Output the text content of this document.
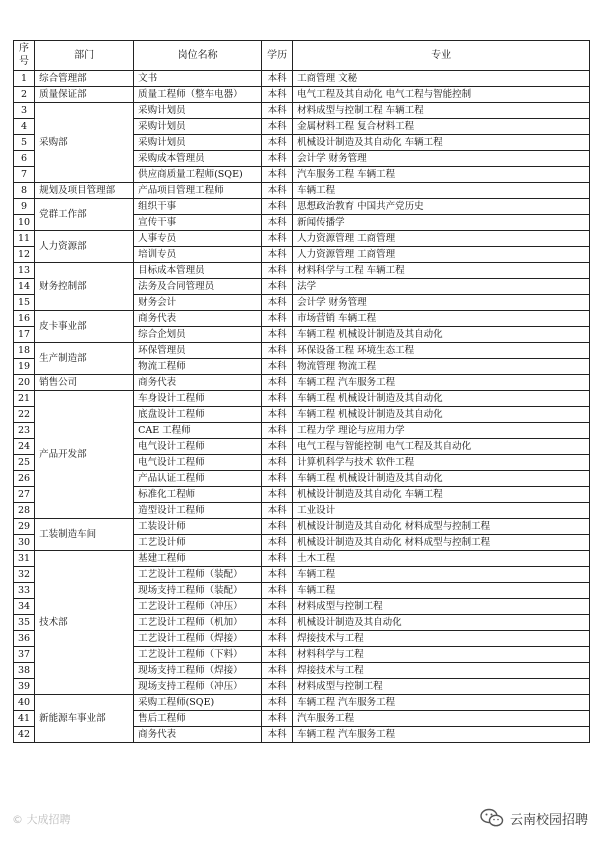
序
号	部门	岗位名称	学历	专业
1	综合管理部	文书	本科	工商管理 文秘
2	质量保证部	质量工程师（整车电器）	本科	电气工程及其自动化 电气工程与智能控制
3	采购部	采购计划员	本科	材料成型与控制工程 车辆工程
4		采购计划员	本科	金属材料工程 复合材料工程
5		采购计划员	本科	机械设计制造及其自动化 车辆工程
6		采购成本管理员	本科	会计学 财务管理
7		供应商质量工程师(SQE)	本科	汽车服务工程 车辆工程
8	规划及项目管理部	产品项目管理工程师	本科	车辆工程
9	党群工作部	组织干事	本科	思想政治教育 中国共产党历史
10		宣传干事	本科	新闻传播学
11	人力资源部	人事专员	本科	人力资源管理 工商管理
12		培训专员	本科	人力资源管理 工商管理
13	财务控制部	目标成本管理员	本科	材料科学与工程 车辆工程
14		法务及合同管理员	本科	法学
15		财务会计	本科	会计学 财务管理
16	皮卡事业部	商务代表	本科	市场营销 车辆工程
17		综合企划员	本科	车辆工程 机械设计制造及其自动化
18	生产制造部	环保管理员	本科	环保设备工程 环境生态工程
19		物流工程师	本科	物流管理 物流工程
20	销售公司	商务代表	本科	车辆工程 汽车服务工程
21	产品开发部	车身设计工程师	本科	车辆工程 机械设计制造及其自动化
22		底盘设计工程师	本科	车辆工程 机械设计制造及其自动化
23		CAE 工程师	本科	工程力学 理论与应用力学
24		电气设计工程师	本科	电气工程与智能控制 电气工程及其自动化
25		电气设计工程师	本科	计算机科学与技术 软件工程
26		产品认证工程师	本科	车辆工程 机械设计制造及其自动化
27		标准化工程师	本科	机械设计制造及其自动化 车辆工程
28		造型设计工程师	本科	工业设计
29	工装制造车间	工装设计师	本科	机械设计制造及其自动化 材料成型与控制工程
30		工艺设计师	本科	机械设计制造及其自动化 材料成型与控制工程
31	技术部	基建工程师	本科	土木工程
32		工艺设计工程师（装配）	本科	车辆工程
33		现场支持工程师（装配）	本科	车辆工程
34		工艺设计工程师（冲压）	本科	材料成型与控制工程
35		工艺设计工程师（机加）	本科	机械设计制造及其自动化
36		工艺设计工程师（焊接）	本科	焊接技术与工程
37		工艺设计工程师（下料）	本科	材料科学与工程
38		现场支持工程师（焊接）	本科	焊接技术与工程
39		现场支持工程师（冲压）	本科	材料成型与控制工程
40	新能源车事业部	采购工程师(SQE)	本科	车辆工程 汽车服务工程
41		售后工程师	本科	汽车服务工程
42		商务代表	本科	车辆工程 汽车服务工程
© 大成招聘	云南校园招聘
